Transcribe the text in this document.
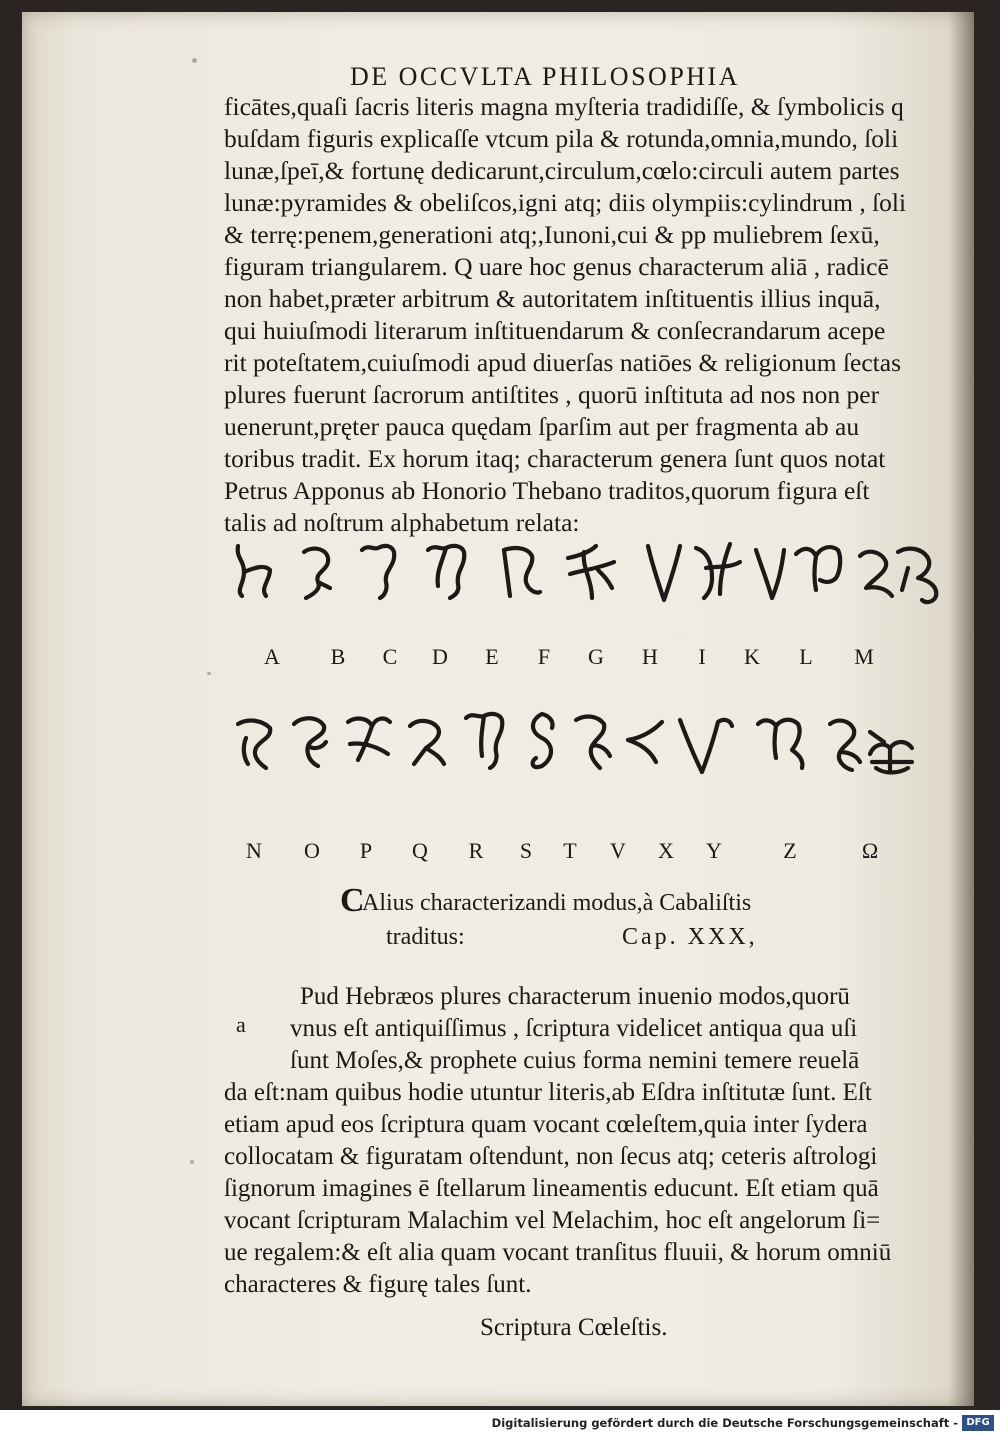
DE OCCVLTA PHILOSOPHIA
ficātes,quaſi ſacris literis magna myſteria tradidiſſe, & ſymbolicis q
buſdam figuris explicaſſe vtcum pila & rotunda,omnia,mundo, ſoli
lunæ,ſpeī,& fortunę dedicarunt,circulum,cœlo:circuli autem partes
lunæ:pyramides & obeliſcos,igni atq; diis olympiis:cylindrum , ſoli
& terrę:penem,generationi atq;,Iunoni,cui & pp muliebrem ſexū,
figuram triangularem. Q uare hoc genus characterum aliā , radicē
non habet,præter arbitrum & autoritatem inſtituentis illius inquā,
qui huiuſmodi literarum inſtituendarum & conſecrandarum acepe
rit poteſtatem,cuiuſmodi apud diuerſas natiōes & religionum ſectas
plures fuerunt ſacrorum antiſtites , quorū inſtituta ad nos non per
uenerunt,pręter pauca quędam ſparſim aut per fragmenta ab au
toribus tradit. Ex horum itaq; characterum genera ſunt quos notat
Petrus Apponus ab Honorio Thebano traditos,quorum figura eſt
talis ad noſtrum alphabetum relata:
A B C D E F G H I K L M
N O P Q R S T V X Y	Z	Ω
C
Alius characterizandi modus,à Cabaliſtis
traditus:	Cap. XXX,
a
Pud Hebræos plures characterum inuenio modos,quorū
vnus eſt antiquiſſimus , ſcriptura videlicet antiqua qua uſi
ſunt Moſes,& prophete cuius forma nemini temere reuelā
da eſt:nam quibus hodie utuntur literis,ab Eſdra inſtitutæ ſunt. Eſt
etiam apud eos ſcriptura quam vocant cœleſtem,quia inter ſydera
collocatam & figuratam oſtendunt, non ſecus atq; ceteris aſtrologi
ſignorum imagines ē ſtellarum lineamentis educunt. Eſt etiam quā
vocant ſcripturam Malachim vel Melachim, hoc eſt angelorum ſi=
ue regalem:& eſt alia quam vocant tranſitus fluuii, & horum omniū
characteres & figurę tales ſunt.
Scriptura Cœleſtis.
Digitalisierung gefördert durch die Deutsche Forschungsgemeinschaft - DFG
